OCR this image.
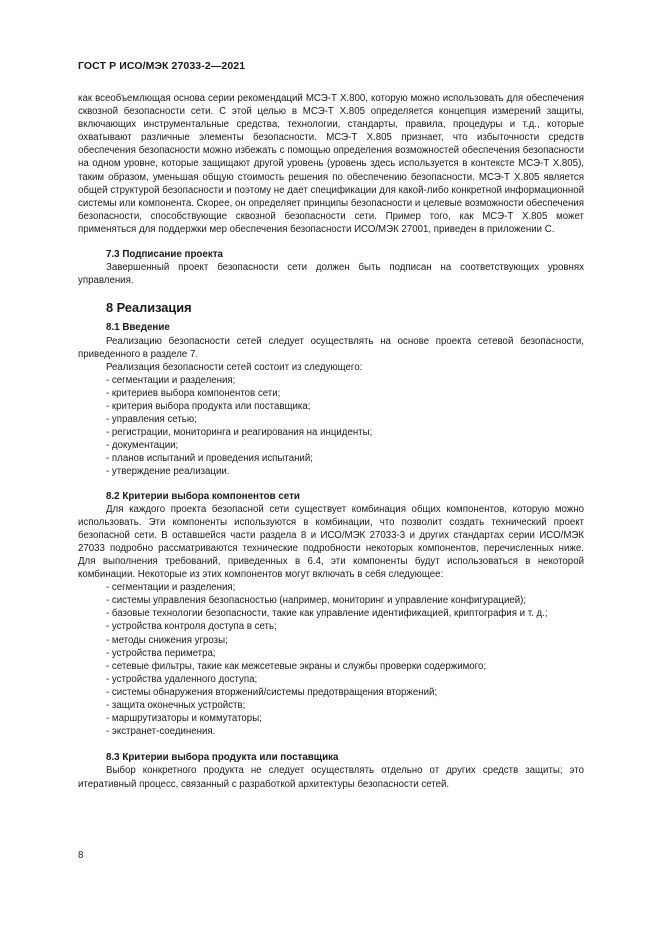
ГОСТ Р ИСО/МЭК 27033-2—2021

как всеобъемлющая основа серии рекомендаций МСЭ-Т Х.800, которую можно использовать для обеспечения сквозной безопасности сети. С этой целью в МСЭ-Т Х.805 определяется концепция измерений защиты, включающих инструментальные средства, технологии, стандарты, правила, процедуры и т.д., которые охватывают различные элементы безопасности. МСЭ-Т Х.805 признает, что избыточности средств обеспечения безопасности можно избежать с помощью определения возможностей обеспечения безопасности на одном уровне, которые защищают другой уровень (уровень здесь используется в контексте МСЭ-Т Х.805), таким образом, уменьшая общую стоимость решения по обеспечению безопасности. МСЭ-Т Х.805 является общей структурой безопасности и поэтому не дает спецификации для какой-либо конкретной информационной системы или компонента. Скорее, он определяет принципы безопасности и целевые возможности обеспечения безопасности, способствующие сквозной безопасности сети. Пример того, как МСЭ-Т Х.805 может применяться для поддержки мер обеспечения безопасности ИСО/МЭК 27001, приведен в приложении С.

7.3 Подписание проекта

Завершенный проект безопасности сети должен быть подписан на соответствующих уровнях управления.

8 Реализация
8.1 Введение

Реализацию безопасности сетей следует осуществлять на основе проекта сетевой безопасности, приведенного в разделе 7.

Реализация безопасности сетей состоит из следующего:

- сегментации и разделения;
- критериев выбора компонентов сети;
- критерия выбора продукта или поставщика;
- управления сетью;
- регистрации, мониторинга и реагирования на инциденты;
- документации;
- планов испытаний и проведения испытаний;
- утверждение реализации.
8.2 Критерии выбора компонентов сети

Для каждого проекта безопасной сети существует комбинация общих компонентов, которую можно использовать. Эти компоненты используются в комбинации, что позволит создать технический проект безопасной сети. В оставшейся части раздела 8 и ИСО/МЭК 27033-3 и других стандартах серии ИСО/МЭК 27033 подробно рассматриваются технические подробности некоторых компонентов, перечисленных ниже. Для выполнения требований, приведенных в 6.4, эти компоненты будут использоваться в некоторой комбинации. Некоторые из этих компонентов могут включать в себя следующее:

- сегментации и разделения;
- системы управления безопасностью (например, мониторинг и управление конфигурацией);
- базовые технологии безопасности, такие как управление идентификацией, криптография и т. д.;
- устройства контроля доступа в сеть;
- методы снижения угрозы;
- устройства периметра;
- сетевые фильтры, такие как межсетевые экраны и службы проверки содержимого;
- устройства удаленного доступа;
- системы обнаружения вторжений/системы предотвращения вторжений;
- защита оконечных устройств;
- маршрутизаторы и коммутаторы;
- экстранет-соединения.
8.3 Критерии выбора продукта или поставщика

Выбор конкретного продукта не следует осуществлять отдельно от других средств защиты; это итеративный процесс, связанный с разработкой архитектуры безопасности сетей.

8
